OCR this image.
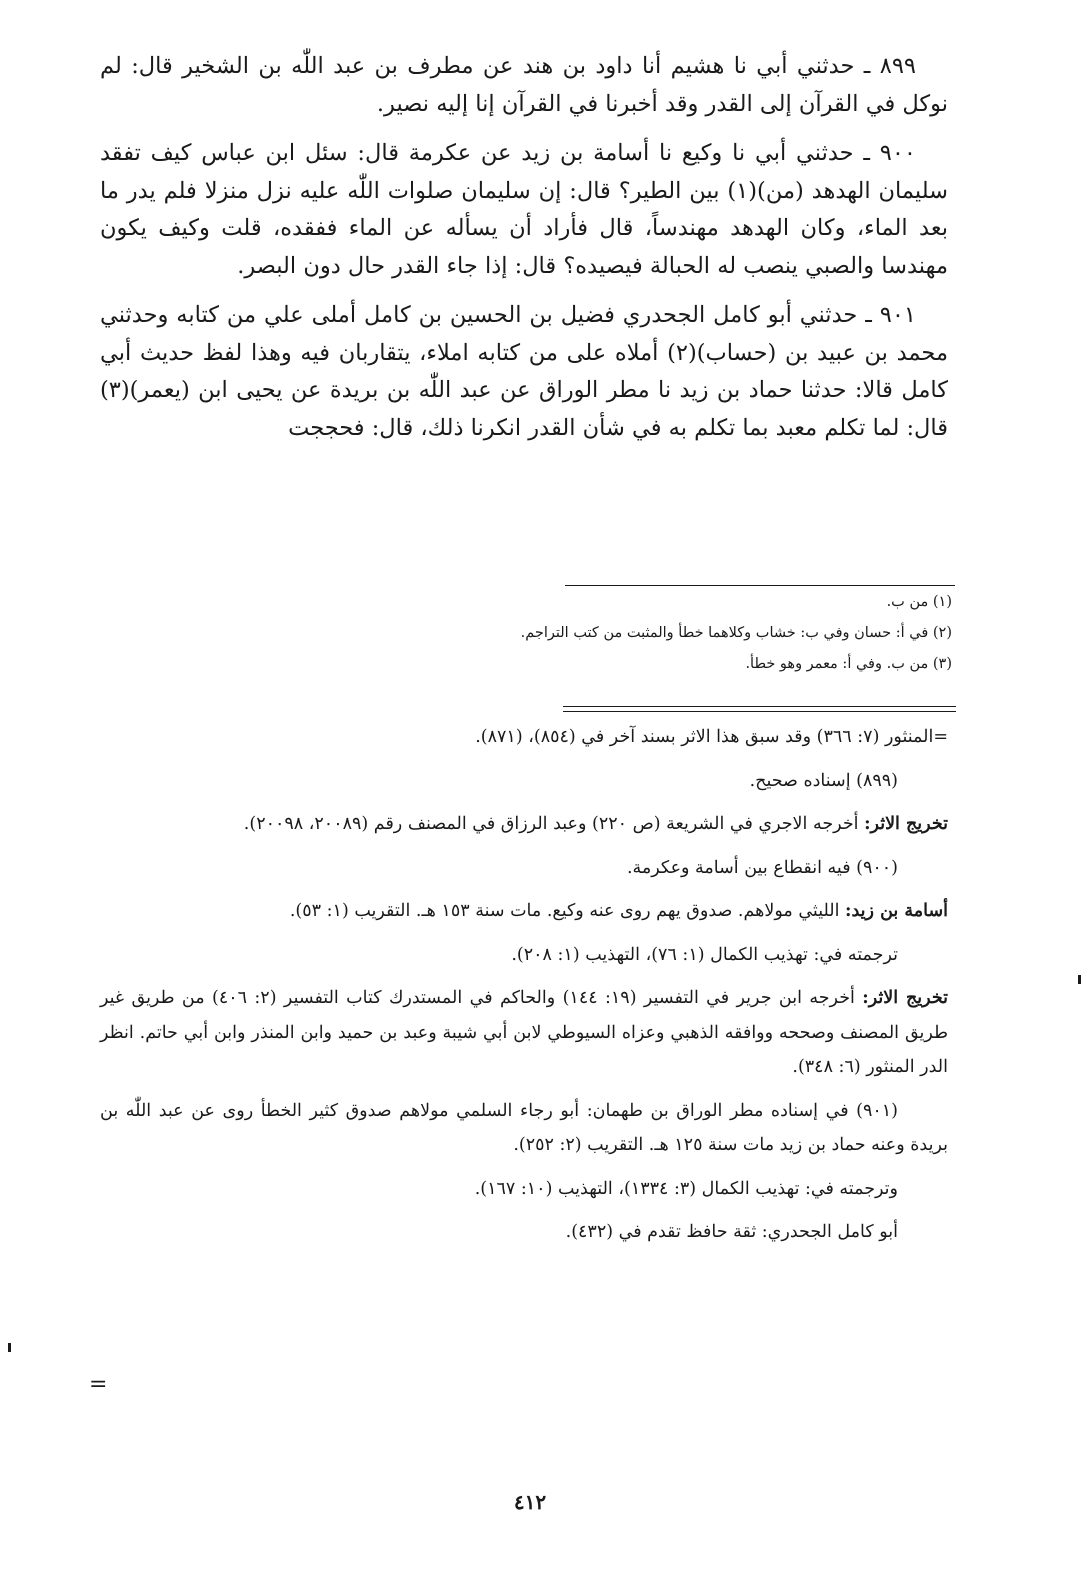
٨٩٩ ـ حدثني أبي نا هشيم أنا داود بن هند عن مطرف بن عبد اللّٰه بن الشخير قال: لم نوكل في القرآن إلى القدر وقد أخبرنا في القرآن إنا إليه نصير.

٩٠٠ ـ حدثني أبي نا وكيع نا أسامة بن زيد عن عكرمة قال: سئل ابن عباس كيف تفقد سليمان الهدهد (من)(١) بين الطير؟ قال: إن سليمان صلوات اللّٰه عليه نزل منزلا فلم يدر ما بعد الماء، وكان الهدهد مهندساً، قال فأراد أن يسأله عن الماء ففقده، قلت وكيف يكون مهندسا والصبي ينصب له الحبالة فيصيده؟ قال: إذا جاء القدر حال دون البصر.

٩٠١ ـ حدثني أبو كامل الجحدري فضيل بن الحسين بن كامل أملى علي من كتابه وحدثني محمد بن عبيد بن (حساب)(٢) أملاه على من كتابه املاء، يتقاربان فيه وهذا لفظ حديث أبي كامل قالا: حدثنا حماد بن زيد نا مطر الوراق عن عبد اللّٰه بن بريدة عن يحيى ابن (يعمر)(٣) قال: لما تكلم معبد بما تكلم به في شأن القدر انكرنا ذلك، قال: فحججت

(١) من ب.

(٢) في أ: حسان وفي ب: خشاب وكلاهما خطأ والمثبت من كتب التراجم.

(٣) من ب. وفي أ: معمر وهو خطأ.

=المنثور (٧: ٣٦٦) وقد سبق هذا الاثر بسند آخر في (٨٥٤)، (٨٧١).

(٨٩٩) إسناده صحيح.

تخريج الاثر: أخرجه الاجري في الشريعة (ص ٢٢٠) وعبد الرزاق في المصنف رقم (٢٠٠٨٩، ٢٠٠٩٨).

(٩٠٠) فيه انقطاع بين أسامة وعكرمة.

أسامة بن زيد: الليثي مولاهم. صدوق يهم روى عنه وكيع. مات سنة ١٥٣ هـ. التقريب (١: ٥٣).

ترجمته في: تهذيب الكمال (١: ٧٦)، التهذيب (١: ٢٠٨).

تخريج الاثر: أخرجه ابن جرير في التفسير (١٩: ١٤٤) والحاكم في المستدرك كتاب التفسير (٢: ٤٠٦) من طريق غير طريق المصنف وصححه ووافقه الذهبي وعزاه السيوطي لابن أبي شيبة وعبد بن حميد وابن المنذر وابن أبي حاتم. انظر الدر المنثور (٦: ٣٤٨).

(٩٠١) في إسناده مطر الوراق بن طهمان: أبو رجاء السلمي مولاهم صدوق كثير الخطأ روى عن عبد اللّٰه بن بريدة وعنه حماد بن زيد مات سنة ١٢٥ هـ. التقريب (٢: ٢٥٢).

وترجمته في: تهذيب الكمال (٣: ١٣٣٤)، التهذيب (١٠: ١٦٧).

أبو كامل الجحدري: ثقة حافظ تقدم في (٤٣٢).

=
٤١٢
